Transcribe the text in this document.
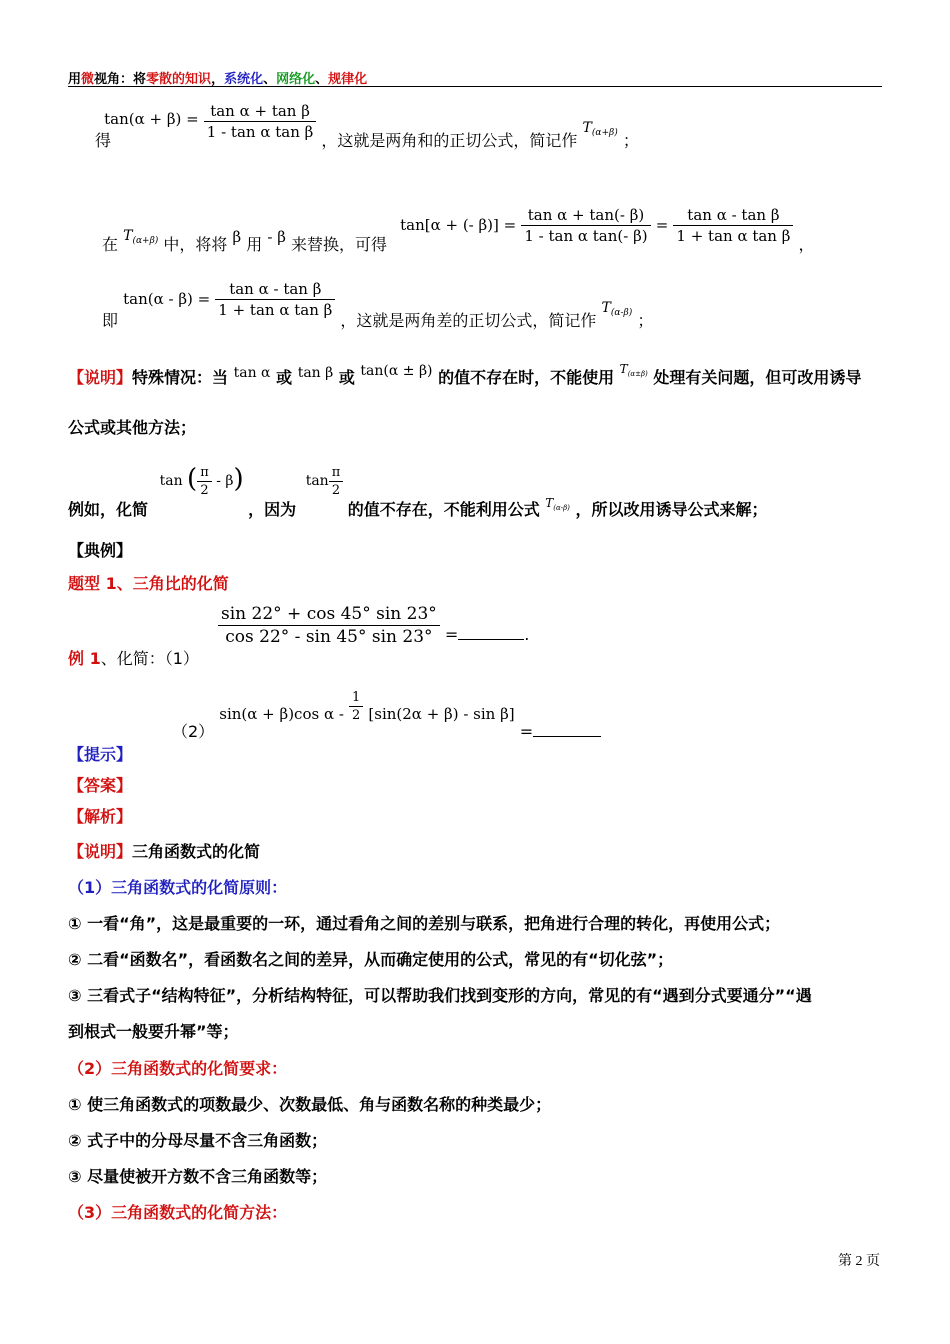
用微视角：将零散的知识，系统化、网络化、规律化
得 $\tan(\alpha + \beta) = \frac{\text{tan α + tan β}}{\text{1 - tan α tan β}}$ ，这就是两角和的正切公式，简记作 $T_{(\alpha+\beta)}$ ；
在 $T_{(\alpha+\beta)}$ 中，将将 β 用 - β 来替换，可得 tan[α + (- $\beta)] = \frac{\text{tan α + tan(- β)}}{\text{1 - tan α tan(- β)}} = \frac{\text{tan α - tan β}}{\text{1 + tan α tan β}}$ ，
即 $\tan(\alpha - \beta) = \frac{\text{tan α - tan β}}{\text{1 + tan α tan β}}$
，这就是两角差的正切公式，简记作 $T_{(\alpha-\beta)}$ ；
【说明】特殊情况：当 tan α 或 tan β 或 tan(α ± β) 的值不存在时，不能使用 $^{T_{(\alpha\pm\beta)}}$ 处理有关问题，但可改用诱导
公式或其他方法；
例如，化简 tan ( $\frac{\pi}{2} - \beta$) ，因为 $\tan \frac{\pi}{2}$
的值不存在，不能利用公式 $_{T_{(\alpha-\beta)}}$ ，所以改用诱导公式来解；
【典例】
题型 1、三角比的化简
例 1、化简：（1）
$\frac{\sin 22^\circ + \cos 45^\circ \sin 23^\circ}{\cos 22^\circ - \sin 45^\circ \sin 23^\circ}$ =	.
（2） sin(α + β)cos $\alpha - \frac{1}{2} [\sin(2\alpha + \beta) - \sin \beta]$ =
【提示】
【答案】
【解析】
【说明】三角函数式的化简
（1）三角函数式的化简原则：
① 一看“角”，这是最重要的一环，通过看角之间的差别与联系，把角进行合理的转化，再使用公式；
② 二看“函数名”，看函数名之间的差异，从而确定使用的公式，常见的有“切化弦”；
③ 三看式子“结构特征”，分析结构特征，可以帮助我们找到变形的方向，常见的有“遇到分式要通分”“遇
到根式一般要升幂”等；
（2）三角函数式的化简要求：
① 使三角函数式的项数最少、次数最低、角与函数名称的种类最少；
② 式子中的分母尽量不含三角函数；
③ 尽量使被开方数不含三角函数等；
（3）三角函数式的化简方法：
第 2 页
